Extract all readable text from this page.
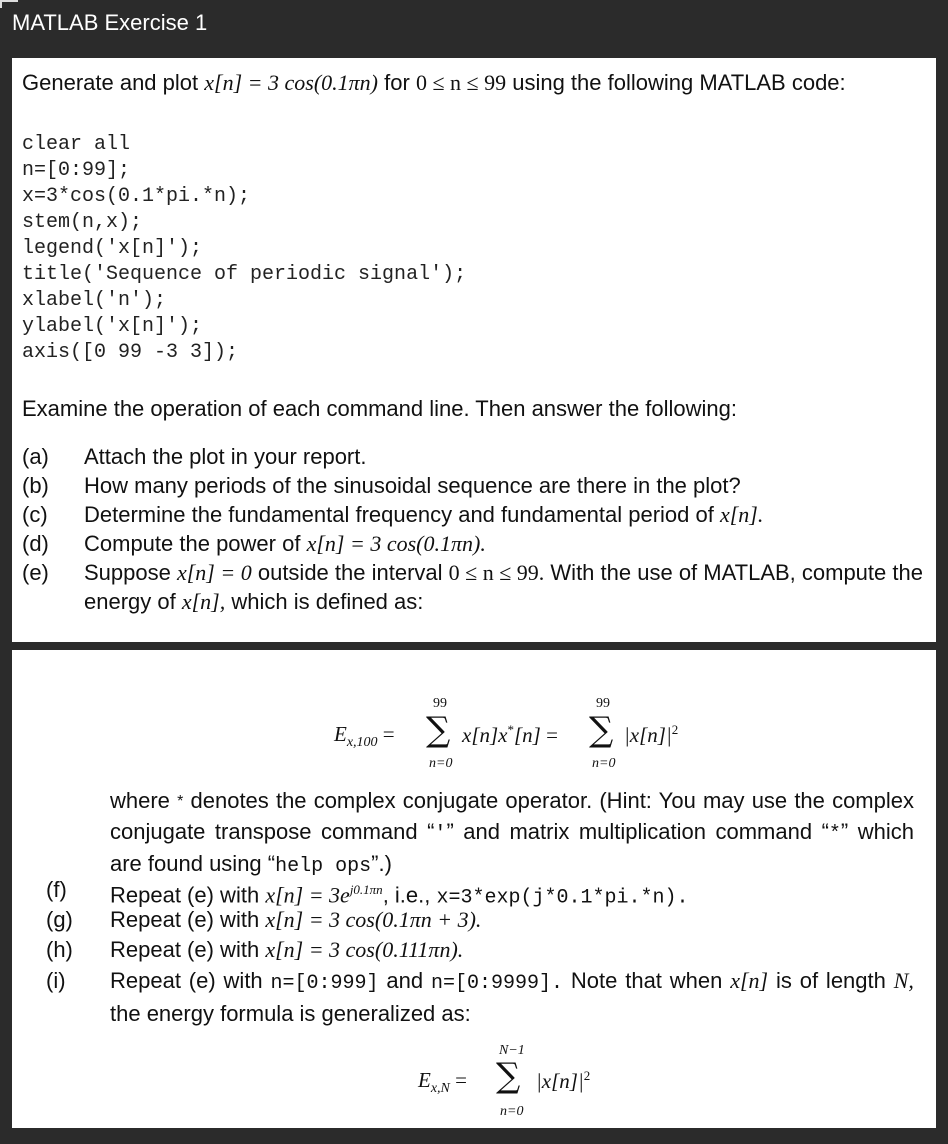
MATLAB Exercise 1

Generate and plot x[n] = 3 cos(0.1πn) for 0 ≤ n ≤ 99 using the following MATLAB code:

clear all
n=[0:99];
x=3*cos(0.1*pi.*n);
stem(n,x);
legend('x[n]');
title('Sequence of periodic signal');
xlabel('n');
ylabel('x[n]');
axis([0 99 -3 3]);

Examine the operation of each command line. Then answer the following:

(a)	Attach the plot in your report.
(b)	How many periods of the sinusoidal sequence are there in the plot?
(c)	Determine the fundamental frequency and fundamental period of x[n].
(d)	Compute the power of x[n] = 3 cos(0.1πn).
(e)	Suppose x[n] = 0 outside the interval 0 ≤ n ≤ 99. With the use of MATLAB, compute the energy of x[n], which is defined as:
$E_{x,100}$ =
99
∑
n=0
x[n]x*[n] =
99
∑
n=0
$|x[n]|^2$
where * denotes the complex conjugate operator. (Hint: You may use the complex conjugate transpose command “'” and matrix multiplication command “*” which are found using “help ops”.)
(f)	Repeat (e) with $x[n] = 3e^{j0.1\pi n}$, i.e., x=3*exp(j*0.1*pi.*n).
(g)	Repeat (e) with x[n] = 3 cos(0.1πn + 3).
(h)	Repeat (e) with x[n] = 3 cos(0.111πn).
(i)	Repeat (e) with n=[0:999] and n=[0:9999]. Note that when x[n] is of length N, the energy formula is generalized as:
$E_{x,N}$ =
N−1
∑
n=0
$|x[n]|^2$
